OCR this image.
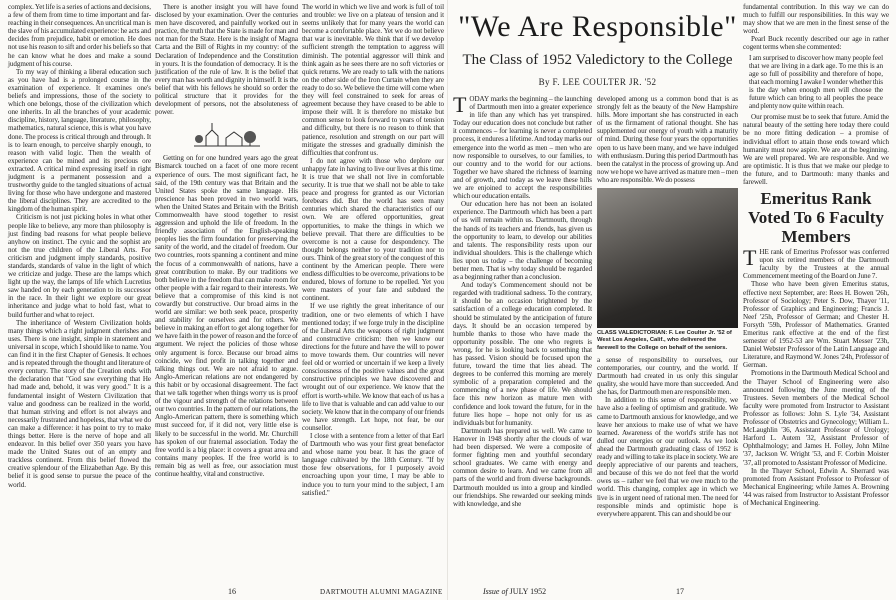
complex. Yet life is a series of actions and decisions, a few of them from time to time important and far-reaching in their consequences. An uncritical man is the slave of his accumulated experience: he acts and decides from prejudice, habit or emotion. He does not use his reason to sift and order his beliefs so that he can know what he does and make a sound judgment of his course.

To my way of thinking a liberal education such as you have had is a prolonged course in the examination of experience. It examines one's beliefs and impressions, those of the society to which one belongs, those of the civilization which one inherits. In all the branches of your academic discipline, history, language, literature, philosophy, mathematics, natural science, this is what you have done. The process is critical through and through. It is to learn enough, to perceive sharply enough, to reason with valid logic. Then the wealth of experience can be mined and its precious ore extracted. A critical mind expressing itself in right judgment is a permanent possession and a trustworthy guide to the tangled situations of actual living for those who have undergone and mastered the liberal disciplines. They are accredited to the kingdom of the human spirit.

Criticism is not just picking holes in what other people like to believe, any more than philosophy is just finding bad reasons for what people believe anyhow on instinct. The cynic and the sophist are not the true children of the Liberal Arts. For criticism and judgment imply standards, positive standards, standards of value in the light of which we criticize and judge. These are the lamps which light up the way, the lamps of life which Lucretius saw handed on by each generation to its successor in the race. In their light we explore our great inheritance and judge what to hold fast, what to build further and what to reject.

The inheritance of Western Civilization holds many things which a right judgment cherishes and uses. There is one insight, simple in statement and universal in scope, which I should like to name. You can find it in the first Chapter of Genesis. It echoes and is repeated through the thought and literature of every century. The story of the Creation ends with the declaration that "God saw everything that He had made and, behold, it was very good." It is a fundamental insight of Western Civilization that value and goodness can be realized in the world, that human striving and effort is not always and necessarily frustrated and hopeless, that what we do can make a difference: it has point to try to make things better. Here is the nerve of hope and all endeavor. In this belief over 350 years you have made the United States out of an empty and trackless continent. From this belief flowed the creative splendour of the Elizabethan Age. By this belief it is good sense to pursue the peace of the world.

There is another insight you will have found disclosed by your examination. Over the centuries men have discovered, and painfully worked out in practice, the truth that the State is made for man and not man for the State. Here is the insight of Magna Carta and the Bill of Rights in my country: of the Declaration of Independence and the Constitution in yours. It is the foundation of democracy. It is the justification of the rule of law. It is the belief that every man has worth and dignity in himself. It is the belief that with his fellows he should so order the political structure that it provides for the development of persons, not the absoluteness of power.

Getting on for one hundred years ago the great Bismarck touched on a facet of one more recent experience of ours. The most significant fact, he said, of the 19th century was that Britain and the United States spoke the same language. His prescience has been proved in two world wars, when the United States and Britain with the British Commonwealth have stood together to resist aggression and uphold the life of freedom. In the friendly association of the English-speaking peoples lies the firm foundation for preserving the sanity of the world, and the citadel of freedom. Our two countries, roots spanning a continent and mine the focus of a commonwealth of nations, have a great contribution to make. By our traditions we both believe in the freedom that can make room for other people with a fair regard to their interests. We believe that a compromise of this kind is not cowardly but constructive. Our broad aims in the world are similar: we both seek peace, prosperity and stability for ourselves and for others. We believe in making an effort to get along together for we have faith in the power of reason and the force of argument. We reject the policies of those whose only argument is force. Because our broad aims coincide, we find profit in talking together and talking things out. We are not afraid to argue. Anglo-American relations are not endangered by this habit or by occasional disagreement. The fact that we talk together when things worry us is proof of the vigour and strength of the relations between our two countries. In the pattern of our relations, the Anglo-American pattern, there is something which must succeed for, if it did not, very little else is likely to be successful in the world. Mr. Churchill has spoken of our fraternal association. Today the free world is a big place: it covers a great area and contains many peoples. If the free world is to remain big as well as free, our association must continue healthy, vital and constructive.

The world in which we live and work is full of toil and trouble: we live on a plateau of tension and it seems unlikely that for many years the world can become a comfortable place. Yet we do not believe that war is inevitable. We think that if we develop sufficient strength the temptation to aggress will diminish. The potential aggressor will think and think again as he sees there are no soft victories or quick returns. We are ready to talk with the nations on the other side of the Iron Curtain when they are ready to do so. We believe the time will come when they will feel constrained to seek for areas of agreement because they have ceased to be able to impose their will. It is therefore no mistake but common sense to look forward to years of tension and difficulty, but there is no reason to think that patience, resolution and strength on our part will mitigate the stresses and gradually diminish the difficulties that confront us.

I do not agree with those who deplore our unhappy fate in having to live our lives at this time. It is true that we shall not live in comfortable security. It is true that we shall not be able to take peace and progress for granted as our Victorian forebears did. But the world has seen many centuries which shared the characteristics of our own. We are offered opportunities, great opportunities, to make the things in which we believe prevail. That there are difficulties to be overcome is not a cause for despondency. The thought belongs neither to your tradition nor to ours. Think of the great story of the conquest of this continent by the American people. There were endless difficulties to be overcome, privations to be endured, blows of fortune to be repelled. Yet you were masters of your fate and subdued the continent.

If we use rightly the great inheritance of our tradition, one or two elements of which I have mentioned today; if we forge truly in the discipline of the Liberal Arts the weapons of right judgment and constructive criticism: then we know our directions for the future and have the will to power to move towards them. Our countries will never feel old or worried or uncertain if we keep a lively consciousness of the positive values and the great constructive principles we have discovered and wrought out of our experience. We know that the effort is worth-while. We know that each of us has a life to live that is valuable and can add value to our society. We know that in the company of our friends we have strength. Let hope, not fear, be our counsellor.

I close with a sentence from a letter of that Earl of Dartmouth who was your first great benefactor and whose name you bear. It has the grace of language cultivated by the 18th Century. "If by those few observations, for I purposely avoid encroaching upon your time, I may be able to induce you to turn your mind to the subject, I am satisfied."

16	DARTMOUTH ALUMNI MAGAZINE
"We Are Responsible"
The Class of 1952 Valedictory to the College
By F. LEE COULTER JR. '52

TODAY marks the beginning – the launching of Dartmouth men into a greater experience in life than any which has yet transpired. Today our education does not conclude but rather it commences – for learning is never a completed process, it endures a lifetime. And today marks our emergence into the world as men – men who are now responsible to ourselves, to our families, to our country and to the world for our actions. Together we have shared the richness of learning and of growth, and today as we leave these hills we are enjoined to accept the responsibilities which our education entails.

Our education here has not been an isolated experience. The Dartmouth which has been a part of us will remain within us. Dartmouth, through the hands of its teachers and friends, has given us the opportunity to learn, to develop our abilities and talents. The responsibility rests upon our individual shoulders. This is the challenge which lies upon us today – the challenge of becoming better men. That is why today should be regarded as a beginning rather than a conclusion.

And today's Commencement should not be regarded with traditional sadness. To the contrary, it should be an occasion brightened by the satisfaction of a college education completed. It should be stimulated by the anticipation of future days. It should be an occasion tempered by humble thanks to those who have made the opportunity possible. The one who regrets is wrong, for he is looking back to something that has passed. Vision should be focused upon the future, toward the time that lies ahead. The degrees to be conferred this morning are merely symbolic of a preparation completed and the commencing of a new phase of life. We should face this new horizon as mature men with confidence and look toward the future, for in the future lies hope – hope not only for us as individuals but for humanity.

Dartmouth has prepared us well. We came to Hanover in 1948 shortly after the clouds of war had been dispersed. We were a composite of former fighting men and youthful secondary school graduates. We came with energy and common desire to learn. And we came from all parts of the world and from diverse backgrounds. Dartmouth moulded us into a group and kindled our friendships. She rewarded our seeking minds with knowledge, and she

developed among us a common bond that is as strongly felt as the beauty of the New Hampshire hills. More important she has constructed in each of us the firmament of rational thought. She has supplemented our energy of youth with a maturity of mind. During these four years the opportunities open to us have been many, and we have indulged with enthusiasm. During this period Dartmouth has been the catalyst in the process of growing up. And now we hope we have arrived as mature men – men who are responsible. We do possess

CLASS VALEDICTORIAN: F. Lee Coulter Jr. '52 of West Los Angeles, Calif., who delivered the farewell to the College on behalf of the seniors.

a sense of responsibility to ourselves, our contemporaries, our country, and the world. If Dartmouth had created in us only this singular quality, she would have more than succeeded. And she has, for Dartmouth men are responsible men.

In addition to this sense of responsibility, we have also a feeling of optimism and gratitude. We came to Dartmouth anxious for knowledge, and we leave her anxious to make use of what we have learned. Awareness of the world's strife has not dulled our energies or our outlook. As we look ahead the Dartmouth graduating class of 1952 is ready and willing to take its place in society. We are deeply appreciative of our parents and teachers, and because of this we do not feel that the world owes us – rather we feel that we owe much to the world. This changing, complex age in which we live is in urgent need of rational men. The need for responsible minds and optimistic hope is everywhere apparent. This can and should be our

fundamental contribution. In this way we can do much to fulfill our responsibilities. In this way we may show that we are men in the finest sense of the word.

Pearl Buck recently described our age in rather cogent terms when she commented:

I am surprised to discover how many people feel that we are living in a dark age. To me this is an age so full of possibility and therefore of hope, that each morning I awake I wonder whether this is the day when enough men will choose the future which can bring to all peoples the peace and plenty now quite within reach.

Our promise must be to seek that future. Amid the natural beauty of the setting here today there could be no more fitting dedication – a promise of individual effort to attain those ends toward which humanity must now aspire. We are at the beginning. We are well prepared. We are responsible. And we are optimistic. It is thus that we make our pledge to the future, and to Dartmouth: many thanks and farewell.

Emeritus Rank Voted To 6 Faculty Members

THE rank of Emeritus Professor was conferred upon six retired members of the Dartmouth faculty by the Trustees at the annual Commencement meeting of the Board on June 7.

Those who have been given Emeritus status, effective next September, are: Rees H. Bowen '26h, Professor of Sociology; Peter S. Dow, Thayer '11, Professor of Graphics and Engineering; Francis J. Neef '25h, Professor of German; and Chester H. Forsyth '59h, Professor of Mathematics. Granted Emeritus rank effective at the end of the first semester of 1952-53 are Wm. Stuart Messer '23h, Daniel Webster Professor of the Latin Language and Literature, and Raymond W. Jones '24h, Professor of German.

Promotions in the Dartmouth Medical School and the Thayer School of Engineering were also announced following the June meeting of the Trustees. Seven members of the Medical School faculty were promoted from Instructor to Assistant Professor as follows: John S. Lyle '34, Assistant Professor of Obstetrics and Gynecology; William L. McLaughlin '36, Assistant Professor of Urology; Harford L. Autem '32, Assistant Professor of Ophthalmology; and James H. Folley, John Milne '37, Jackson W. Wright '53, and F. Corbin Moister '37, all promoted to Assistant Professor of Medicine.

In the Thayer School, Edwin A. Sherrard was promoted from Assistant Professor to Professor of Mechanical Engineering; while James A. Browning '44 was raised from Instructor to Assistant Professor of Mechanical Engineering.

Issue of JULY 1952	17
